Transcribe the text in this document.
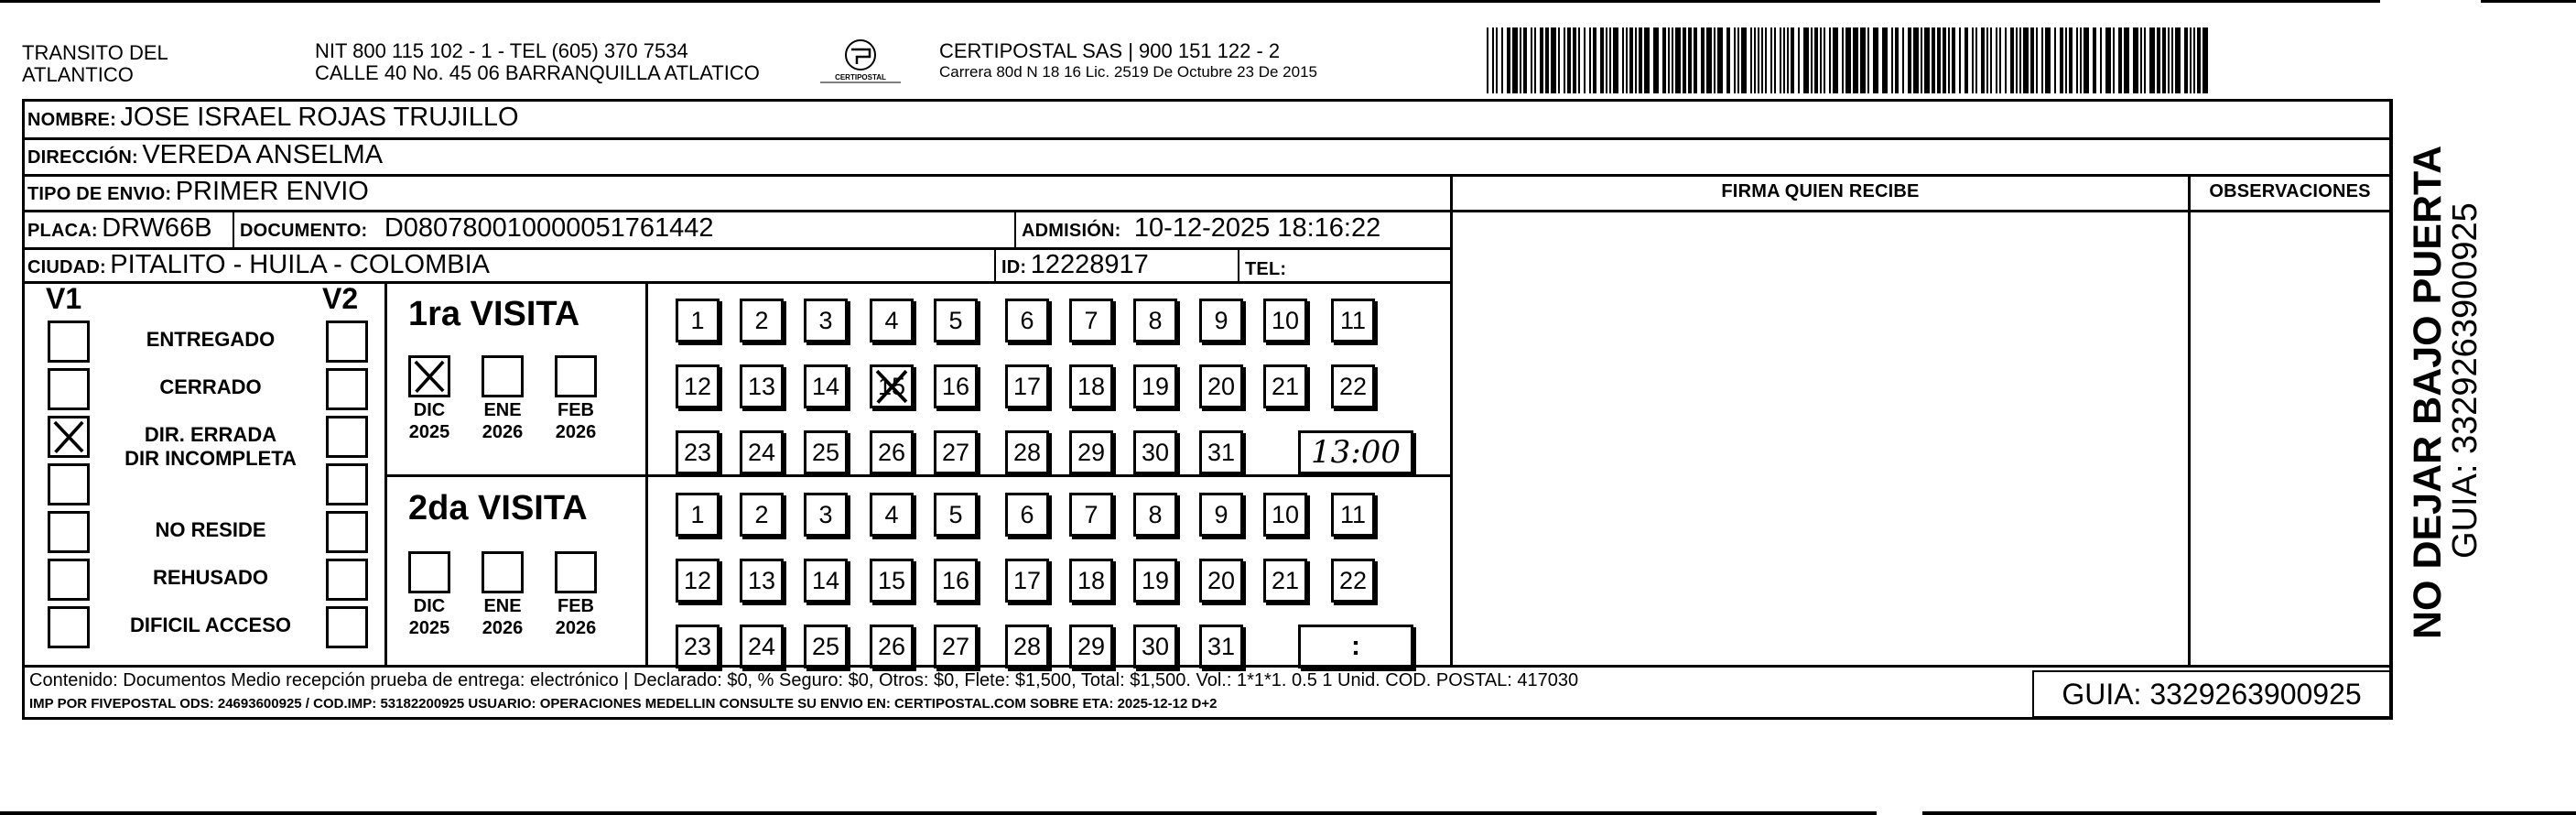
TRANSITO DEL
ATLANTICO
NIT 800 115 102 - 1 - TEL (605) 370 7534
CALLE 40 No. 45 06 BARRANQUILLA ATLATICO	CERTIPOSTAL
CERTIPOSTAL SAS | 900 151 122 - 2
Carrera 80d N 18 16 Lic. 2519 De Octubre 23 De 2015
NOMBRE: JOSE ISRAEL ROJAS TRUJILLO
DIRECCIÓN: VEREDA ANSELMA
TIPO DE ENVIO: PRIMER ENVIO	FIRMA QUIEN RECIBE	OBSERVACIONES
PLACA: DRW66B DOCUMENTO: D080780010000051761442	ADMISIÓN: 10-12-2025 18:16:22
CIUDAD: PITALITO - HUILA - COLOMBIA	ID: 12228917	TEL:
V1	V2
ENTREGADO
CERRADO
DIR. ERRADA
DIR INCOMPLETA
NO RESIDE
REHUSADO
DIFICIL ACCESO
1ra VISITA
DIC
2025
ENE
2026
FEB
2026
1 2 3 4 5 6 7 8 9 10 11
12 13 14 15 16 17 18 19 20 21 22
23 24 25 26 27 28 29 30 31 13:00
2da VISITA
DIC
2025
ENE
2026
FEB
2026
1 2 3 4 5 6 7 8 9 10 11
12 13 14 15 16 17 18 19 20 21 22
23 24 25 26 27 28 29 30 31	:
Contenido: Documentos Medio recepción prueba de entrega: electrónico | Declarado: $0, % Seguro: $0, Otros: $0, Flete: $1,500, Total: $1,500. Vol.: 1*1*1. 0.5 1 Unid. COD. POSTAL: 417030
IMP POR FIVEPOSTAL ODS: 24693600925 / COD.IMP: 53182200925 USUARIO: OPERACIONES MEDELLIN CONSULTE SU ENVIO EN: CERTIPOSTAL.COM SOBRE ETA: 2025-12-12 D+2	GUIA: 3329263900925
NO DEJAR BAJO PUERTA
GUIA: 3329263900925
